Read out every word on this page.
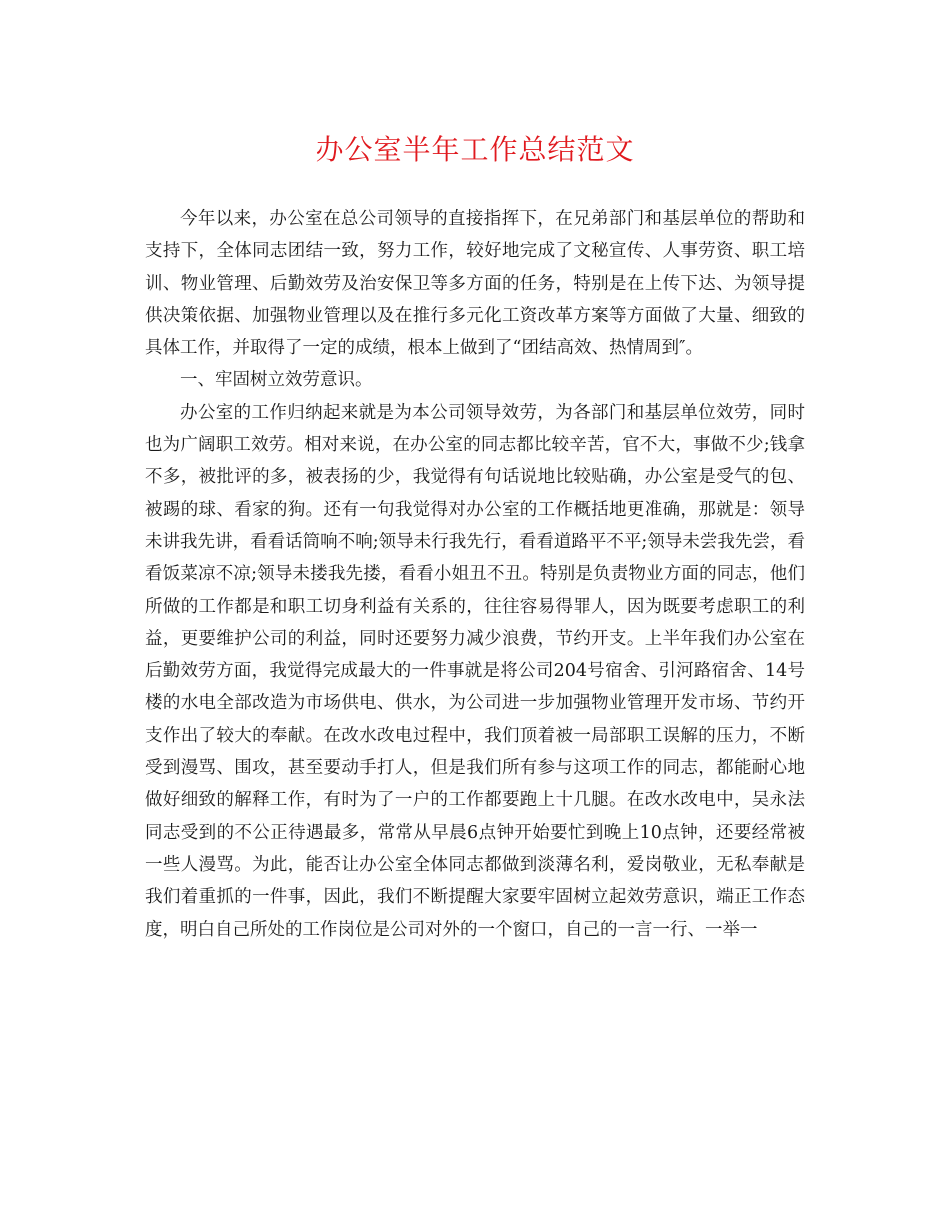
办公室半年工作总结范文

今年以来，办公室在总公司领导的直接指挥下，在兄弟部门和基层单位的帮助和支持下，全体同志团结一致，努力工作，较好地完成了文秘宣传、人事劳资、职工培训、物业管理、后勤效劳及治安保卫等多方面的任务，特别是在上传下达、为领导提供决策依据、加强物业管理以及在推行多元化工资改革方案等方面做了大量、细致的具体工作，并取得了一定的成绩，根本上做到了“团结高效、热情周到″。

一、牢固树立效劳意识。

办公室的工作归纳起来就是为本公司领导效劳，为各部门和基层单位效劳，同时也为广阔职工效劳。相对来说，在办公室的同志都比较辛苦，官不大，事做不少;钱拿不多，被批评的多，被表扬的少，我觉得有句话说地比较贴确，办公室是受气的包、被踢的球、看家的狗。还有一句我觉得对办公室的工作概括地更准确，那就是：领导未讲我先讲，看看话筒响不响;领导未行我先行，看看道路平不平;领导未尝我先尝，看看饭菜凉不凉;领导未搂我先搂，看看小姐丑不丑。特别是负责物业方面的同志，他们所做的工作都是和职工切身利益有关系的，往往容易得罪人，因为既要考虑职工的利益，更要维护公司的利益，同时还要努力减少浪费，节约开支。上半年我们办公室在后勤效劳方面，我觉得完成最大的一件事就是将公司204号宿舍、引河路宿舍、14号楼的水电全部改造为市场供电、供水，为公司进一步加强物业管理开发市场、节约开支作出了较大的奉献。在改水改电过程中，我们顶着被一局部职工误解的压力，不断受到漫骂、围攻，甚至要动手打人，但是我们所有参与这项工作的同志，都能耐心地做好细致的解释工作，有时为了一户的工作都要跑上十几腿。在改水改电中，吴永法同志受到的不公正待遇最多，常常从早晨6点钟开始要忙到晚上10点钟，还要经常被一些人漫骂。为此，能否让办公室全体同志都做到淡薄名利，爱岗敬业，无私奉献是我们着重抓的一件事，因此，我们不断提醒大家要牢固树立起效劳意识，端正工作态度，明白自己所处的工作岗位是公司对外的一个窗口，自己的一言一行、一举一
